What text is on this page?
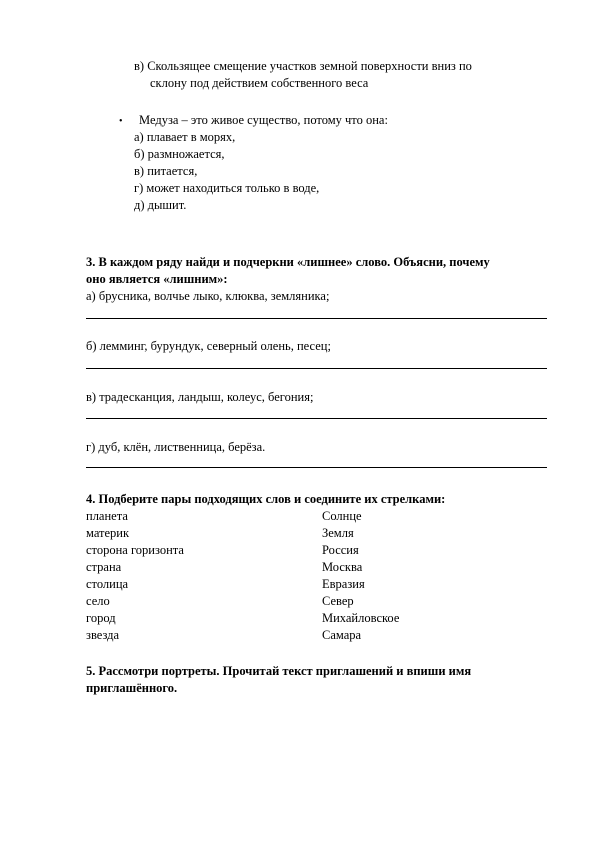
в) Скользящее смещение участков земной поверхности вниз по
склону под действием собственного веса
• Медуза – это живое существо, потому что она:
а) плавает в морях,
б) размножается,
в) питается,
г) может находиться только в воде,
д) дышит.
3. В каждом ряду найди и подчеркни «лишнее» слово. Объясни, почему
оно является «лишним»:
а) брусника, волчье лыко, клюква, земляника;
б) лемминг, бурундук, северный олень, песец;
в) традесканция, ландыш, колеус, бегония;
г) дуб, клён, лиственница, берёза.
4. Подберите пары подходящих слов и соедините их стрелками:
планета
материк
сторона горизонта
страна
столица
село
город
звезда
Солнце
Земля
Россия
Москва
Евразия
Север
Михайловское
Самара
5. Рассмотри портреты. Прочитай текст приглашений и впиши имя
приглашённого.
